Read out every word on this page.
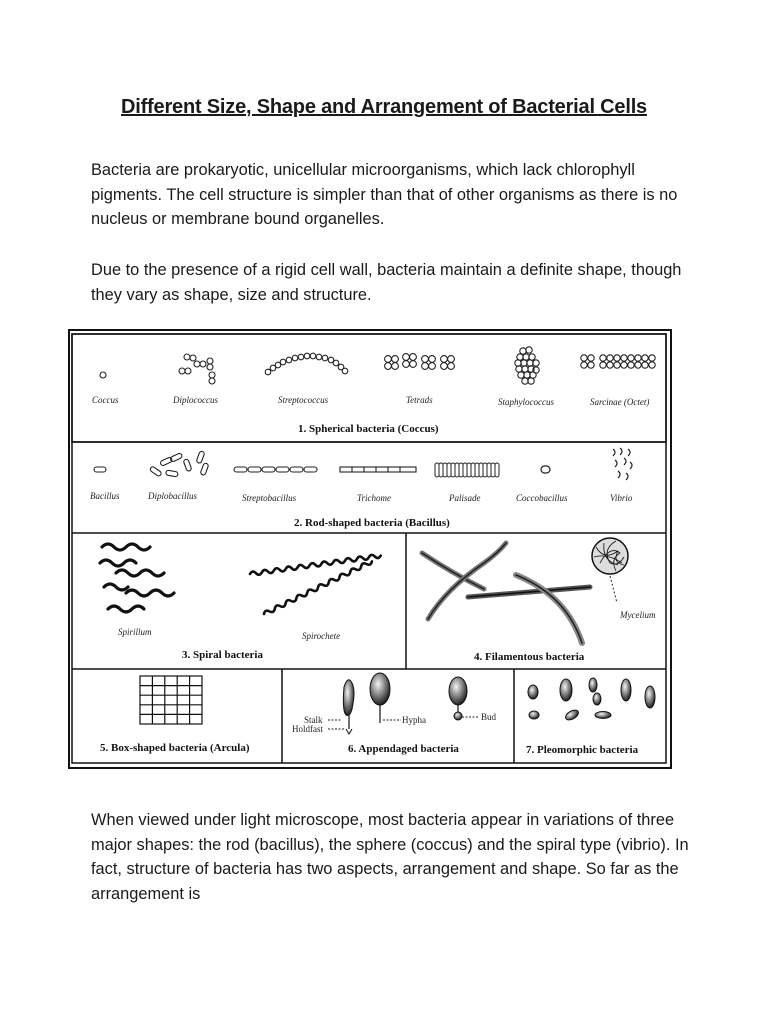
Different Size, Shape and Arrangement of Bacterial Cells
Bacteria are prokaryotic, unicellular microorganisms, which lack chlorophyll pigments. The cell structure is simpler than that of other organisms as there is no nucleus or membrane bound organelles.
Due to the presence of a rigid cell wall, bacteria maintain a definite shape, though they vary as shape, size and structure.
Coccus	Diplococcus	Streptococcus	Tetrads	Staphylococcus	Sarcinae (Octet)
1. Spherical bacteria (Coccus)
Bacillus	Diplobacillus	Streptobacillus	Trichome	Palisade	Coccobacillus	Vibrio
2. Rod-shaped bacteria (Bacillus)
Spirillum	Spirochete
3. Spiral bacteria
Mycelium
4. Filamentous bacteria
5. Box-shaped bacteria (Arcula)
Stalk
Holdfast
Hypha	Bud
6. Appendaged bacteria	7. Pleomorphic bacteria
When viewed under light microscope, most bacteria appear in variations of three major shapes: the rod (bacillus), the sphere (coccus) and the spiral type (vibrio). In fact, structure of bacteria has two aspects, arrangement and shape. So far as the arrangement is
